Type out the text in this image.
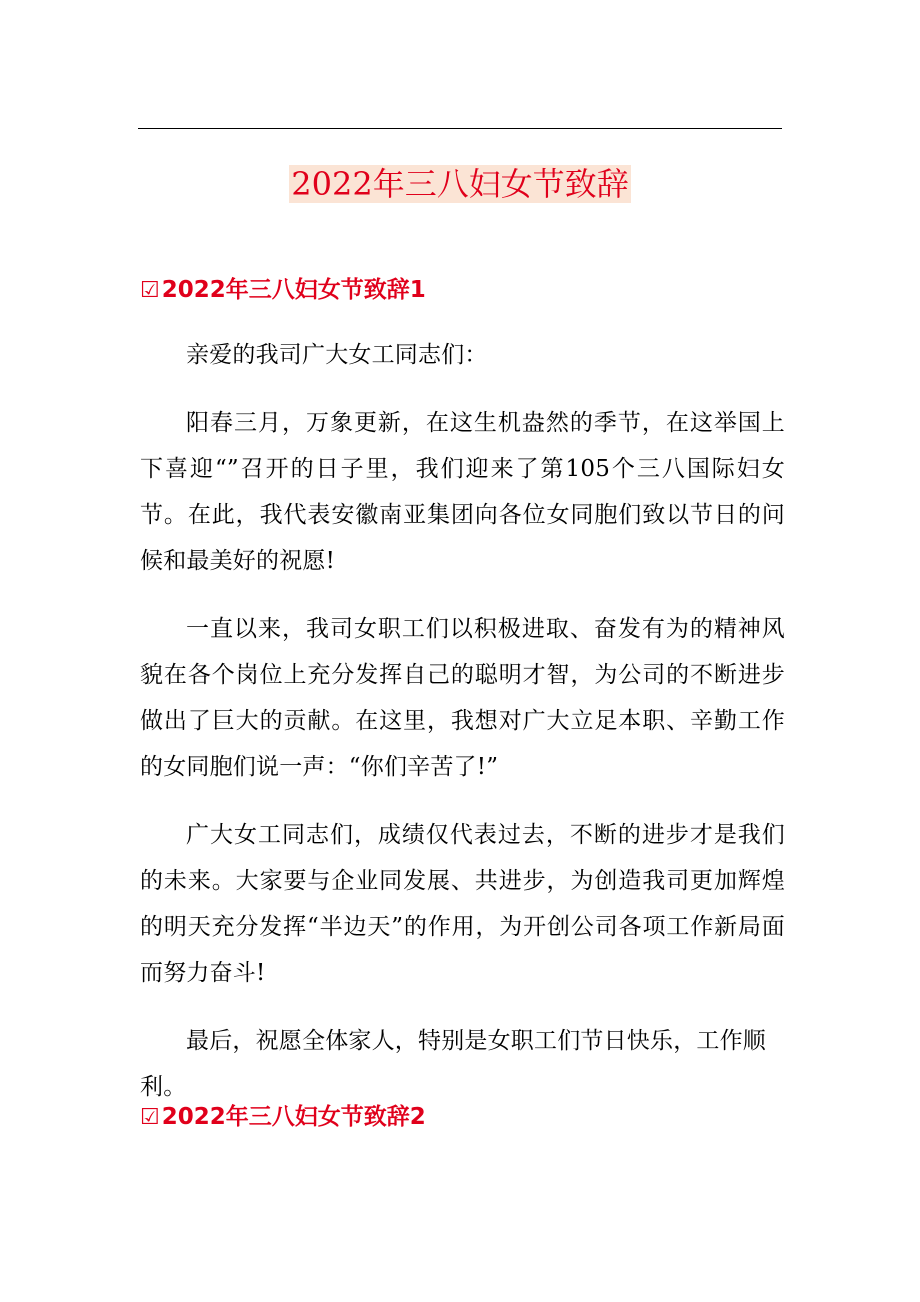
2022年三八妇女节致辞
☑2022年三八妇女节致辞1

亲爱的我司广大女工同志们：

阳春三月，万象更新，在这生机盎然的季节，在这举国上下喜迎“”召开的日子里，我们迎来了第105个三八国际妇女节。在此，我代表安徽南亚集团向各位女同胞们致以节日的问候和最美好的祝愿!

一直以来，我司女职工们以积极进取、奋发有为的精神风貌在各个岗位上充分发挥自己的聪明才智，为公司的不断进步做出了巨大的贡献。在这里，我想对广大立足本职、辛勤工作的女同胞们说一声：“你们辛苦了!”

广大女工同志们，成绩仅代表过去，不断的进步才是我们的未来。大家要与企业同发展、共进步，为创造我司更加辉煌的明天充分发挥“半边天”的作用，为开创公司各项工作新局面而努力奋斗!

最后，祝愿全体家人，特别是女职工们节日快乐，工作顺利。

☑2022年三八妇女节致辞2
